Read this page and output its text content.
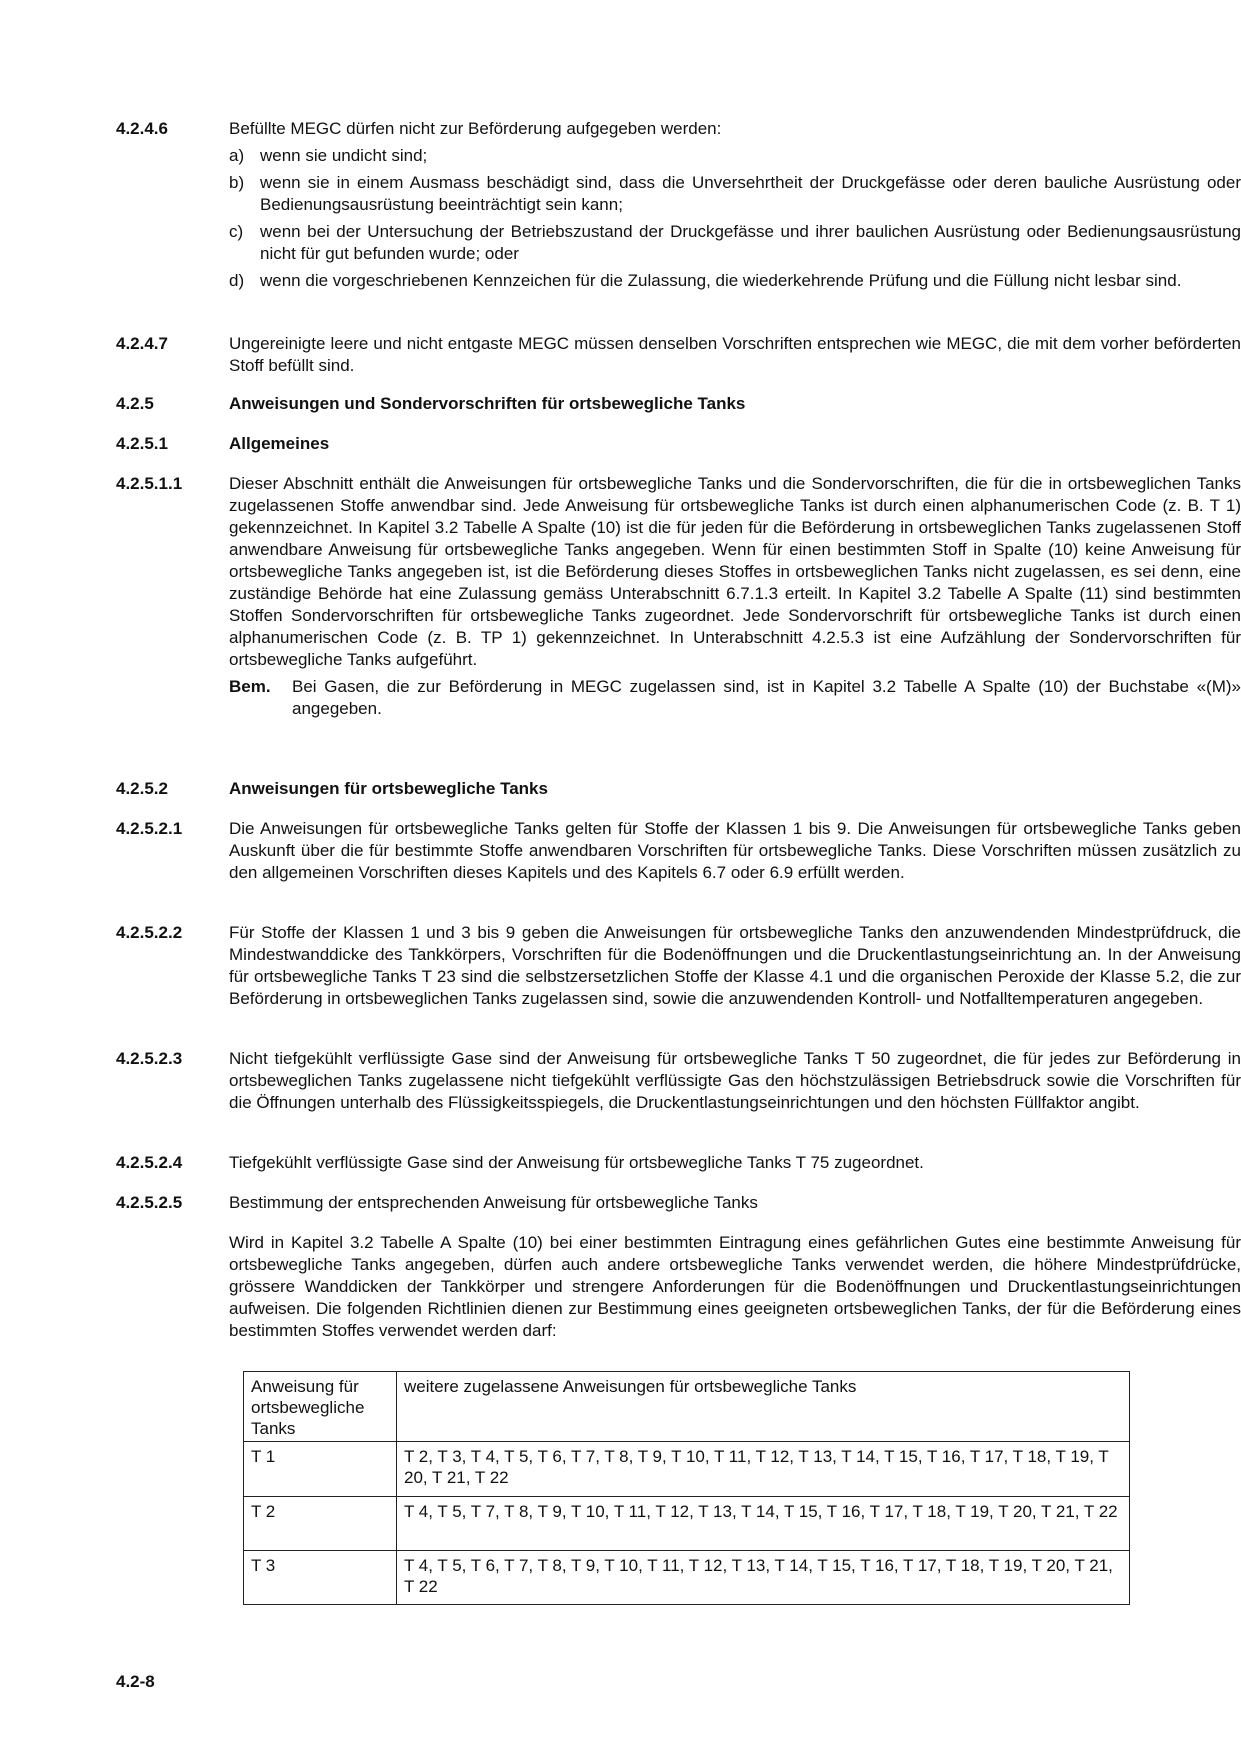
4.2.4.6	Befüllte MEGC dürfen nicht zur Beförderung aufgegeben werden:

a) wenn sie undicht sind;
b) wenn sie in einem Ausmass beschädigt sind, dass die Unversehrtheit der Druckgefässe oder deren bauliche Ausrüstung oder Bedienungsausrüstung beeinträchtigt sein kann;
c) wenn bei der Untersuchung der Betriebszustand der Druckgefässe und ihrer baulichen Ausrüstung oder Bedienungsausrüstung nicht für gut befunden wurde; oder
d) wenn die vorgeschriebenen Kennzeichen für die Zulassung, die wiederkehrende Prüfung und die Füllung nicht lesbar sind.
4.2.4.7	Ungereinigte leere und nicht entgaste MEGC müssen denselben Vorschriften entsprechen wie MEGC, die mit dem vorher beförderten Stoff befüllt sind.
4.2.5	Anweisungen und Sondervorschriften für ortsbewegliche Tanks
4.2.5.1	Allgemeines
4.2.5.1.1	Dieser Abschnitt enthält die Anweisungen für ortsbewegliche Tanks und die Sondervorschriften, die für die in ortsbeweglichen Tanks zugelassenen Stoffe anwendbar sind. Jede Anweisung für ortsbewegliche Tanks ist durch einen alphanumerischen Code (z. B. T 1) gekennzeichnet. In Kapitel 3.2 Tabelle A Spalte (10) ist die für jeden für die Beförderung in ortsbeweglichen Tanks zugelassenen Stoff anwendbare Anweisung für ortsbewegliche Tanks angegeben. Wenn für einen bestimmten Stoff in Spalte (10) keine Anweisung für ortsbewegliche Tanks angegeben ist, ist die Beförderung dieses Stoffes in ortsbeweglichen Tanks nicht zugelassen, es sei denn, eine zuständige Behörde hat eine Zulassung gemäss Unterabschnitt 6.7.1.3 erteilt. In Kapitel 3.2 Tabelle A Spalte (11) sind bestimmten Stoffen Sondervorschriften für ortsbewegliche Tanks zugeordnet. Jede Sondervorschrift für ortsbewegliche Tanks ist durch einen alphanumerischen Code (z. B. TP 1) gekennzeichnet. In Unterabschnitt 4.2.5.3 ist eine Aufzählung der Sondervorschriften für ortsbewegliche Tanks aufgeführt.

Bem. Bei Gasen, die zur Beförderung in MEGC zugelassen sind, ist in Kapitel 3.2 Tabelle A Spalte (10) der Buchstabe «(M)» angegeben.
4.2.5.2	Anweisungen für ortsbewegliche Tanks
4.2.5.2.1	Die Anweisungen für ortsbewegliche Tanks gelten für Stoffe der Klassen 1 bis 9. Die Anweisungen für ortsbewegliche Tanks geben Auskunft über die für bestimmte Stoffe anwendbaren Vorschriften für ortsbewegliche Tanks. Diese Vorschriften müssen zusätzlich zu den allgemeinen Vorschriften dieses Kapitels und des Kapitels 6.7 oder 6.9 erfüllt werden.
4.2.5.2.2	Für Stoffe der Klassen 1 und 3 bis 9 geben die Anweisungen für ortsbewegliche Tanks den anzuwendenden Mindestprüfdruck, die Mindestwanddicke des Tankkörpers, Vorschriften für die Bodenöffnungen und die Druckentlastungseinrichtung an. In der Anweisung für ortsbewegliche Tanks T 23 sind die selbstzersetzlichen Stoffe der Klasse 4.1 und die organischen Peroxide der Klasse 5.2, die zur Beförderung in ortsbeweglichen Tanks zugelassen sind, sowie die anzuwendenden Kontroll- und Notfalltemperaturen angegeben.
4.2.5.2.3	Nicht tiefgekühlt verflüssigte Gase sind der Anweisung für ortsbewegliche Tanks T 50 zugeordnet, die für jedes zur Beförderung in ortsbeweglichen Tanks zugelassene nicht tiefgekühlt verflüssigte Gas den höchstzulässigen Betriebsdruck sowie die Vorschriften für die Öffnungen unterhalb des Flüssigkeitsspiegels, die Druckentlastungseinrichtungen und den höchsten Füllfaktor angibt.
4.2.5.2.4	Tiefgekühlt verflüssigte Gase sind der Anweisung für ortsbewegliche Tanks T 75 zugeordnet.
4.2.5.2.5	Bestimmung der entsprechenden Anweisung für ortsbewegliche Tanks

Wird in Kapitel 3.2 Tabelle A Spalte (10) bei einer bestimmten Eintragung eines gefährlichen Gutes eine bestimmte Anweisung für ortsbewegliche Tanks angegeben, dürfen auch andere ortsbewegliche Tanks verwendet werden, die höhere Mindestprüfdrücke, grössere Wanddicken der Tankkörper und strengere Anforderungen für die Bodenöffnungen und Druckentlastungseinrichtungen aufweisen. Die folgenden Richtlinien dienen zur Bestimmung eines geeigneten ortsbeweglichen Tanks, der für die Beförderung eines bestimmten Stoffes verwendet werden darf:

Anweisung für ortsbewegliche Tanks	weitere zugelassene Anweisungen für ortsbewegliche Tanks
T 1	T 2, T 3, T 4, T 5, T 6, T 7, T 8, T 9, T 10, T 11, T 12, T 13, T 14, T 15, T 16, T 17, T 18, T 19, T 20, T 21, T 22
T 2	T 4, T 5, T 7, T 8, T 9, T 10, T 11, T 12, T 13, T 14, T 15, T 16, T 17, T 18, T 19, T 20, T 21, T 22
T 3	T 4, T 5, T 6, T 7, T 8, T 9, T 10, T 11, T 12, T 13, T 14, T 15, T 16, T 17, T 18, T 19, T 20, T 21, T 22
4.2-8
